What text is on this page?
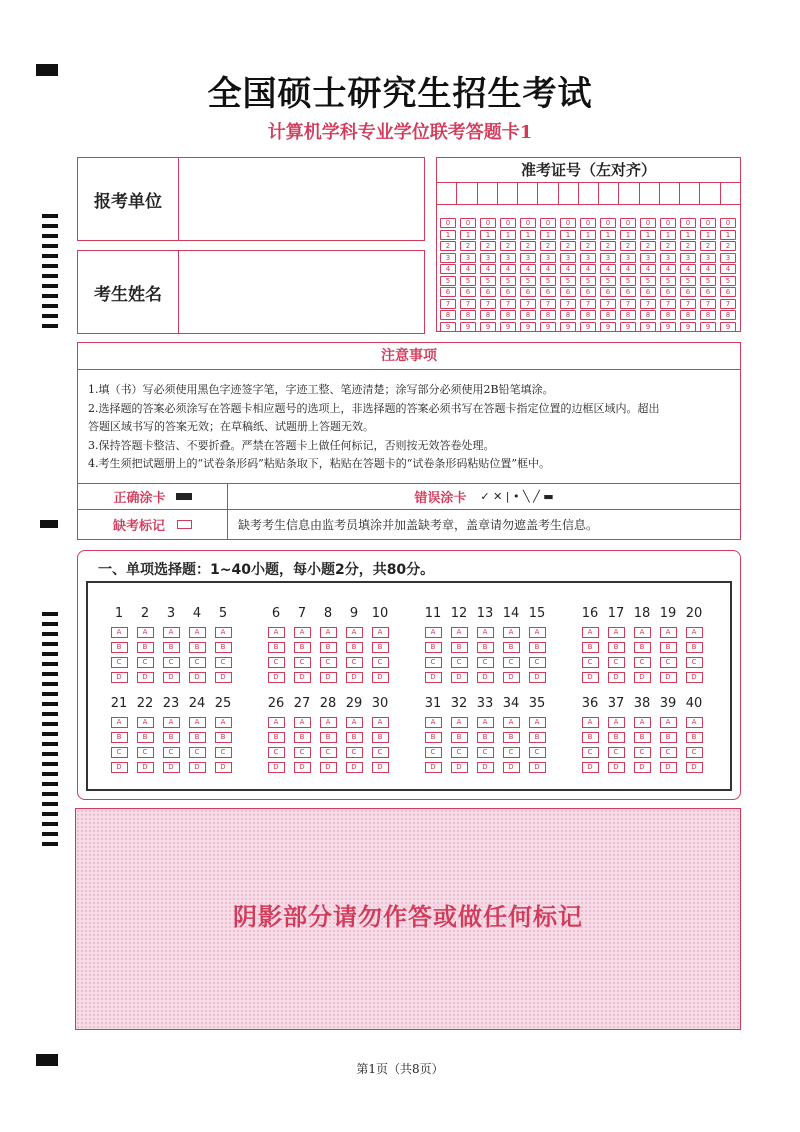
全国硕士研究生招生考试
计算机学科专业学位联考答题卡1
报考单位
考生姓名
准考证号（左对齐）
0 0 0 0 0 0 0 0 0 0 0 0 0 0 0
1 1 1 1 1 1 1 1 1 1 1 1 1 1 1
2 2 2 2 2 2 2 2 2 2 2 2 2 2 2
3 3 3 3 3 3 3 3 3 3 3 3 3 3 3
4 4 4 4 4 4 4 4 4 4 4 4 4 4 4
5 5 5 5 5 5 5 5 5 5 5 5 5 5 5
6 6 6 6 6 6 6 6 6 6 6 6 6 6 6
7 7 7 7 7 7 7 7 7 7 7 7 7 7 7
8 8 8 8 8 8 8 8 8 8 8 8 8 8 8
9 9 9 9 9 9 9 9 9 9 9 9 9 9 9
注意事项
1.填（书）写必须使用黑色字迹签字笔，字迹工整、笔迹清楚；涂写部分必须使用2B铅笔填涂。
2.选择题的答案必须涂写在答题卡相应题号的选项上，非选择题的答案必须书写在答题卡指定位置的边框区域内。超出
答题区域书写的答案无效；在草稿纸、试题册上答题无效。
3.保持答题卡整洁、不要折叠。严禁在答题卡上做任何标记，否则按无效答卷处理。
4.考生须把试题册上的“试卷条形码”粘贴条取下，粘贴在答题卡的“试卷条形码粘贴位置”框中。
正确涂卡	错误涂卡 ✓ ✕ | • ╲ ╱ ▬
缺考标记	缺考考生信息由监考员填涂并加盖缺考章，盖章请勿遮盖考生信息。
一、单项选择题：1~40小题，每小题2分，共80分。
1
A
B
C
D
2
A
B
C
D
3
A
B
C
D
4
A
B
C
D
5
A
B
C
D
6
A
B
C
D
7
A
B
C
D
8
A
B
C
D
9
A
B
C
D
10
A
B
C
D
11
A
B
C
D
12
A
B
C
D
13
A
B
C
D
14
A
B
C
D
15
A
B
C
D
16
A
B
C
D
17
A
B
C
D
18
A
B
C
D
19
A
B
C
D
20
A
B
C
D
21
A
B
C
D
22
A
B
C
D
23
A
B
C
D
24
A
B
C
D
25
A
B
C
D
26
A
B
C
D
27
A
B
C
D
28
A
B
C
D
29
A
B
C
D
30
A
B
C
D
31
A
B
C
D
32
A
B
C
D
33
A
B
C
D
34
A
B
C
D
35
A
B
C
D
36
A
B
C
D
37
A
B
C
D
38
A
B
C
D
39
A
B
C
D
40
A
B
C
D
阴影部分请勿作答或做任何标记
第1页（共8页）
